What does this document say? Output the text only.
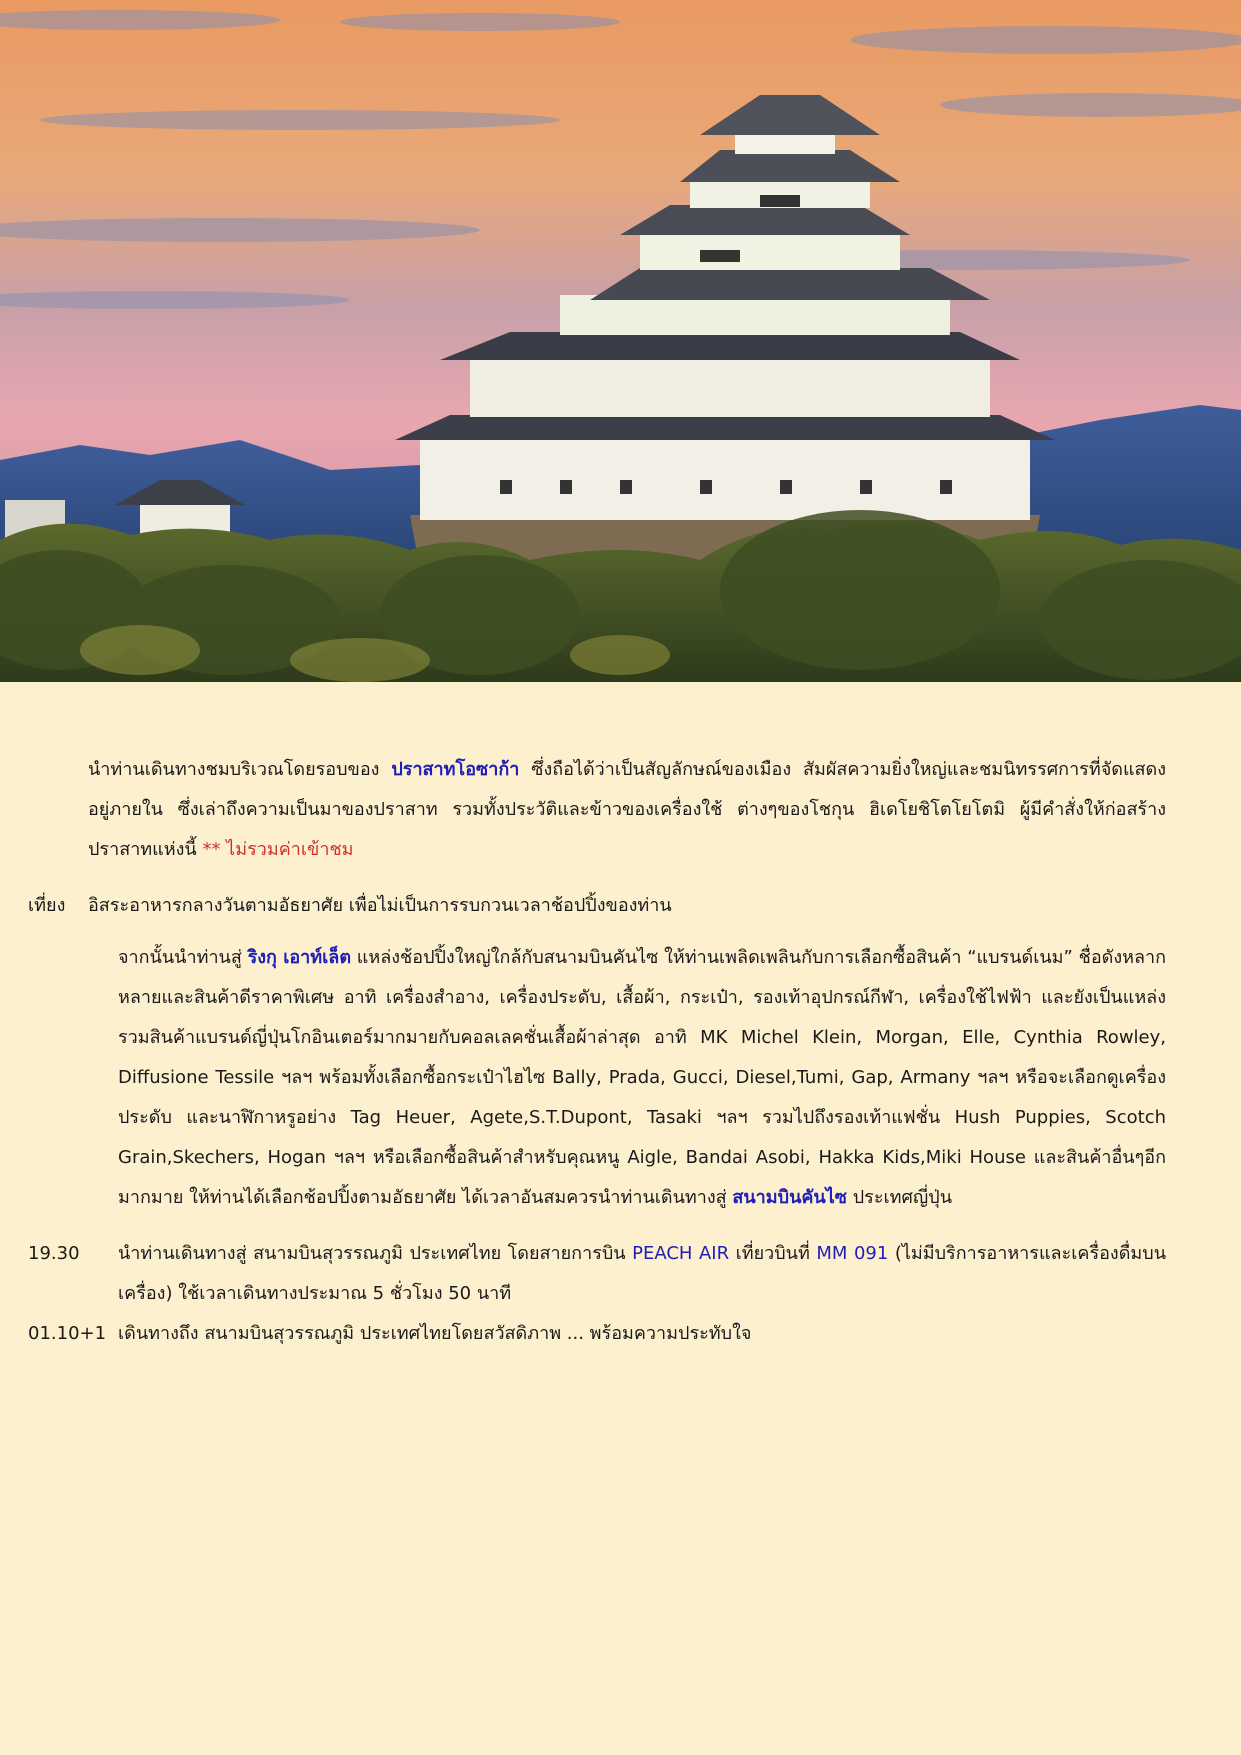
นำท่านเดินทางชมบริเวณโดยรอบของ ปราสาทโอซาก้า ซึ่งถือได้ว่าเป็นสัญลักษณ์ของเมือง สัมผัสความยิ่งใหญ่และชมนิทรรศการที่จัดแสดงอยู่ภายใน ซึ่งเล่าถึงความเป็นมาของปราสาท รวมทั้งประวัติและข้าวของเครื่องใช้ ต่างๆของโชกุน ฮิเดโยชิโตโยโตมิ ผู้มีคำสั่งให้ก่อสร้างปราสาทแห่งนี้ ** ไม่รวมค่าเข้าชม
เที่ยง	อิสระอาหารกลางวันตามอัธยาศัย เพื่อไม่เป็นการรบกวนเวลาช้อปปิ้งของท่าน
จากนั้นนำท่านสู่ ริงกุ เอาท์เล็ต แหล่งช้อปปิ้งใหญ่ใกล้กับสนามบินคันไซ ให้ท่านเพลิดเพลินกับการเลือกซื้อสินค้า “แบรนด์เนม” ชื่อดังหลากหลายและสินค้าดีราคาพิเศษ อาทิ เครื่องสำอาง, เครื่องประดับ, เสื้อผ้า, กระเป๋า, รองเท้าอุปกรณ์กีฬา, เครื่องใช้ไฟฟ้า และยังเป็นแหล่งรวมสินค้าแบรนด์ญี่ปุ่นโกอินเตอร์มากมายกับคอลเลคชั่นเสื้อผ้าล่าสุด อาทิ MK Michel Klein, Morgan, Elle, Cynthia Rowley, Diffusione Tessile ฯลฯ พร้อมทั้งเลือกซื้อกระเป๋าไฮไซ Bally, Prada, Gucci, Diesel,Tumi, Gap, Armany ฯลฯ หรือจะเลือกดูเครื่องประดับ และนาฬิกาหรูอย่าง Tag Heuer, Agete,S.T.Dupont, Tasaki ฯลฯ รวมไปถึงรองเท้าแฟชั่น Hush Puppies, Scotch Grain,Skechers, Hogan ฯลฯ หรือเลือกซื้อสินค้าสำหรับคุณหนู Aigle, Bandai Asobi, Hakka Kids,Miki House และสินค้าอื่นๆอีกมากมาย ให้ท่านได้เลือกช้อปปิ้งตามอัธยาศัย ได้เวลาอันสมควรนำท่านเดินทางสู่ สนามบินคันไซ ประเทศญี่ปุ่น
19.30	นำท่านเดินทางสู่ สนามบินสุวรรณภูมิ ประเทศไทย โดยสายการบิน PEACH AIR เที่ยวบินที่ MM 091 (ไม่มีบริการอาหารและเครื่องดื่มบนเครื่อง) ใช้เวลาเดินทางประมาณ 5 ชั่วโมง 50 นาที
01.10+1 เดินทางถึง สนามบินสุวรรณภูมิ ประเทศไทยโดยสวัสดิภาพ ... พร้อมความประทับใจ
